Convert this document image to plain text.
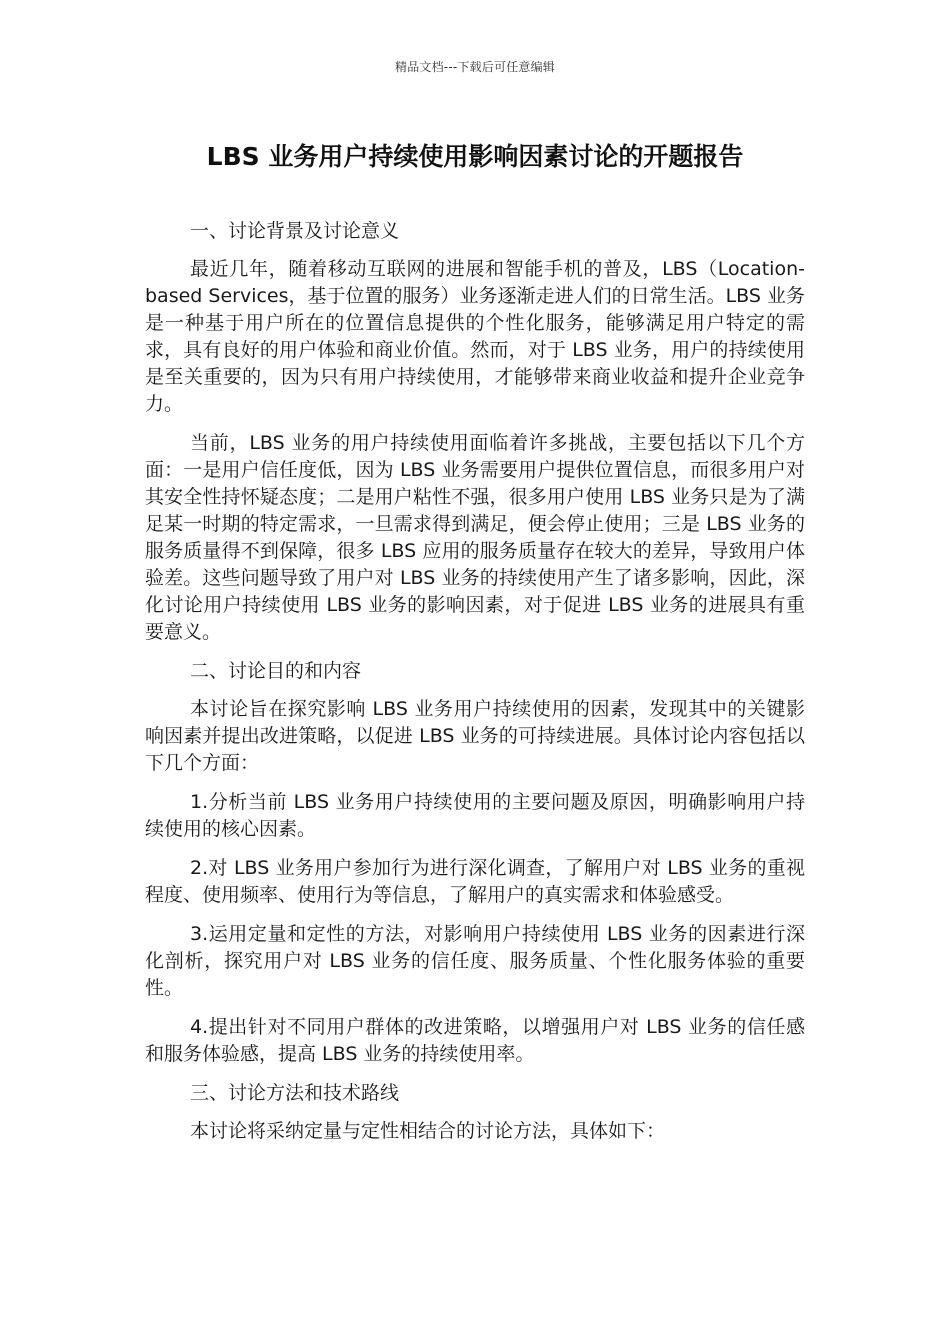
精品文档---下载后可任意编辑
LBS 业务用户持续使用影响因素讨论的开题报告

一、讨论背景及讨论意义

最近几年，随着移动互联网的进展和智能手机的普及，LBS（Location-based Services，基于位置的服务）业务逐渐走进人们的日常生活。LBS 业务是一种基于用户所在的位置信息提供的个性化服务，能够满足用户特定的需求，具有良好的用户体验和商业价值。然而，对于 LBS 业务，用户的持续使用是至关重要的，因为只有用户持续使用，才能够带来商业收益和提升企业竞争力。

当前，LBS 业务的用户持续使用面临着许多挑战，主要包括以下几个方面：一是用户信任度低，因为 LBS 业务需要用户提供位置信息，而很多用户对其安全性持怀疑态度；二是用户粘性不强，很多用户使用 LBS 业务只是为了满足某一时期的特定需求，一旦需求得到满足，便会停止使用；三是 LBS 业务的服务质量得不到保障，很多 LBS 应用的服务质量存在较大的差异，导致用户体验差。这些问题导致了用户对 LBS 业务的持续使用产生了诸多影响，因此，深化讨论用户持续使用 LBS 业务的影响因素，对于促进 LBS 业务的进展具有重要意义。

二、讨论目的和内容

本讨论旨在探究影响 LBS 业务用户持续使用的因素，发现其中的关键影响因素并提出改进策略，以促进 LBS 业务的可持续进展。具体讨论内容包括以下几个方面：

1.分析当前 LBS 业务用户持续使用的主要问题及原因，明确影响用户持续使用的核心因素。

2.对 LBS 业务用户参加行为进行深化调查，了解用户对 LBS 业务的重视程度、使用频率、使用行为等信息，了解用户的真实需求和体验感受。

3.运用定量和定性的方法，对影响用户持续使用 LBS 业务的因素进行深化剖析，探究用户对 LBS 业务的信任度、服务质量、个性化服务体验的重要性。

4.提出针对不同用户群体的改进策略，以增强用户对 LBS 业务的信任感和服务体验感，提高 LBS 业务的持续使用率。

三、讨论方法和技术路线

本讨论将采纳定量与定性相结合的讨论方法，具体如下：
